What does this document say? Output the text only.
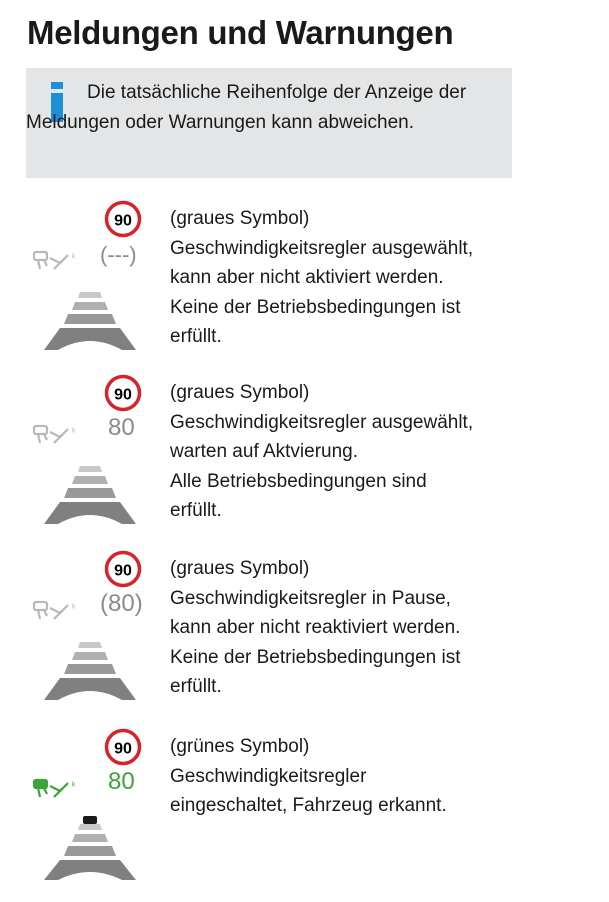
Meldungen und Warnungen

Die tatsächliche Reihenfolge der Anzeige der Meldungen oder Warnungen kann abweichen.

90
ᵏ (---)
(graues Symbol)
Geschwindigkeitsregler ausgewählt,
kann aber nicht aktiviert werden.
Keine der Betriebsbedingungen ist
erfüllt.
90
ᵏ 80
(graues Symbol)
Geschwindigkeitsregler ausgewählt,
warten auf Aktvierung.
Alle Betriebsbedingungen sind
erfüllt.
90
ᵏ (80)
(graues Symbol)
Geschwindigkeitsregler in Pause,
kann aber nicht reaktiviert werden.
Keine der Betriebsbedingungen ist
erfüllt.
90
ᵏ 80
(grünes Symbol)
Geschwindigkeitsregler
eingeschaltet, Fahrzeug erkannt.
